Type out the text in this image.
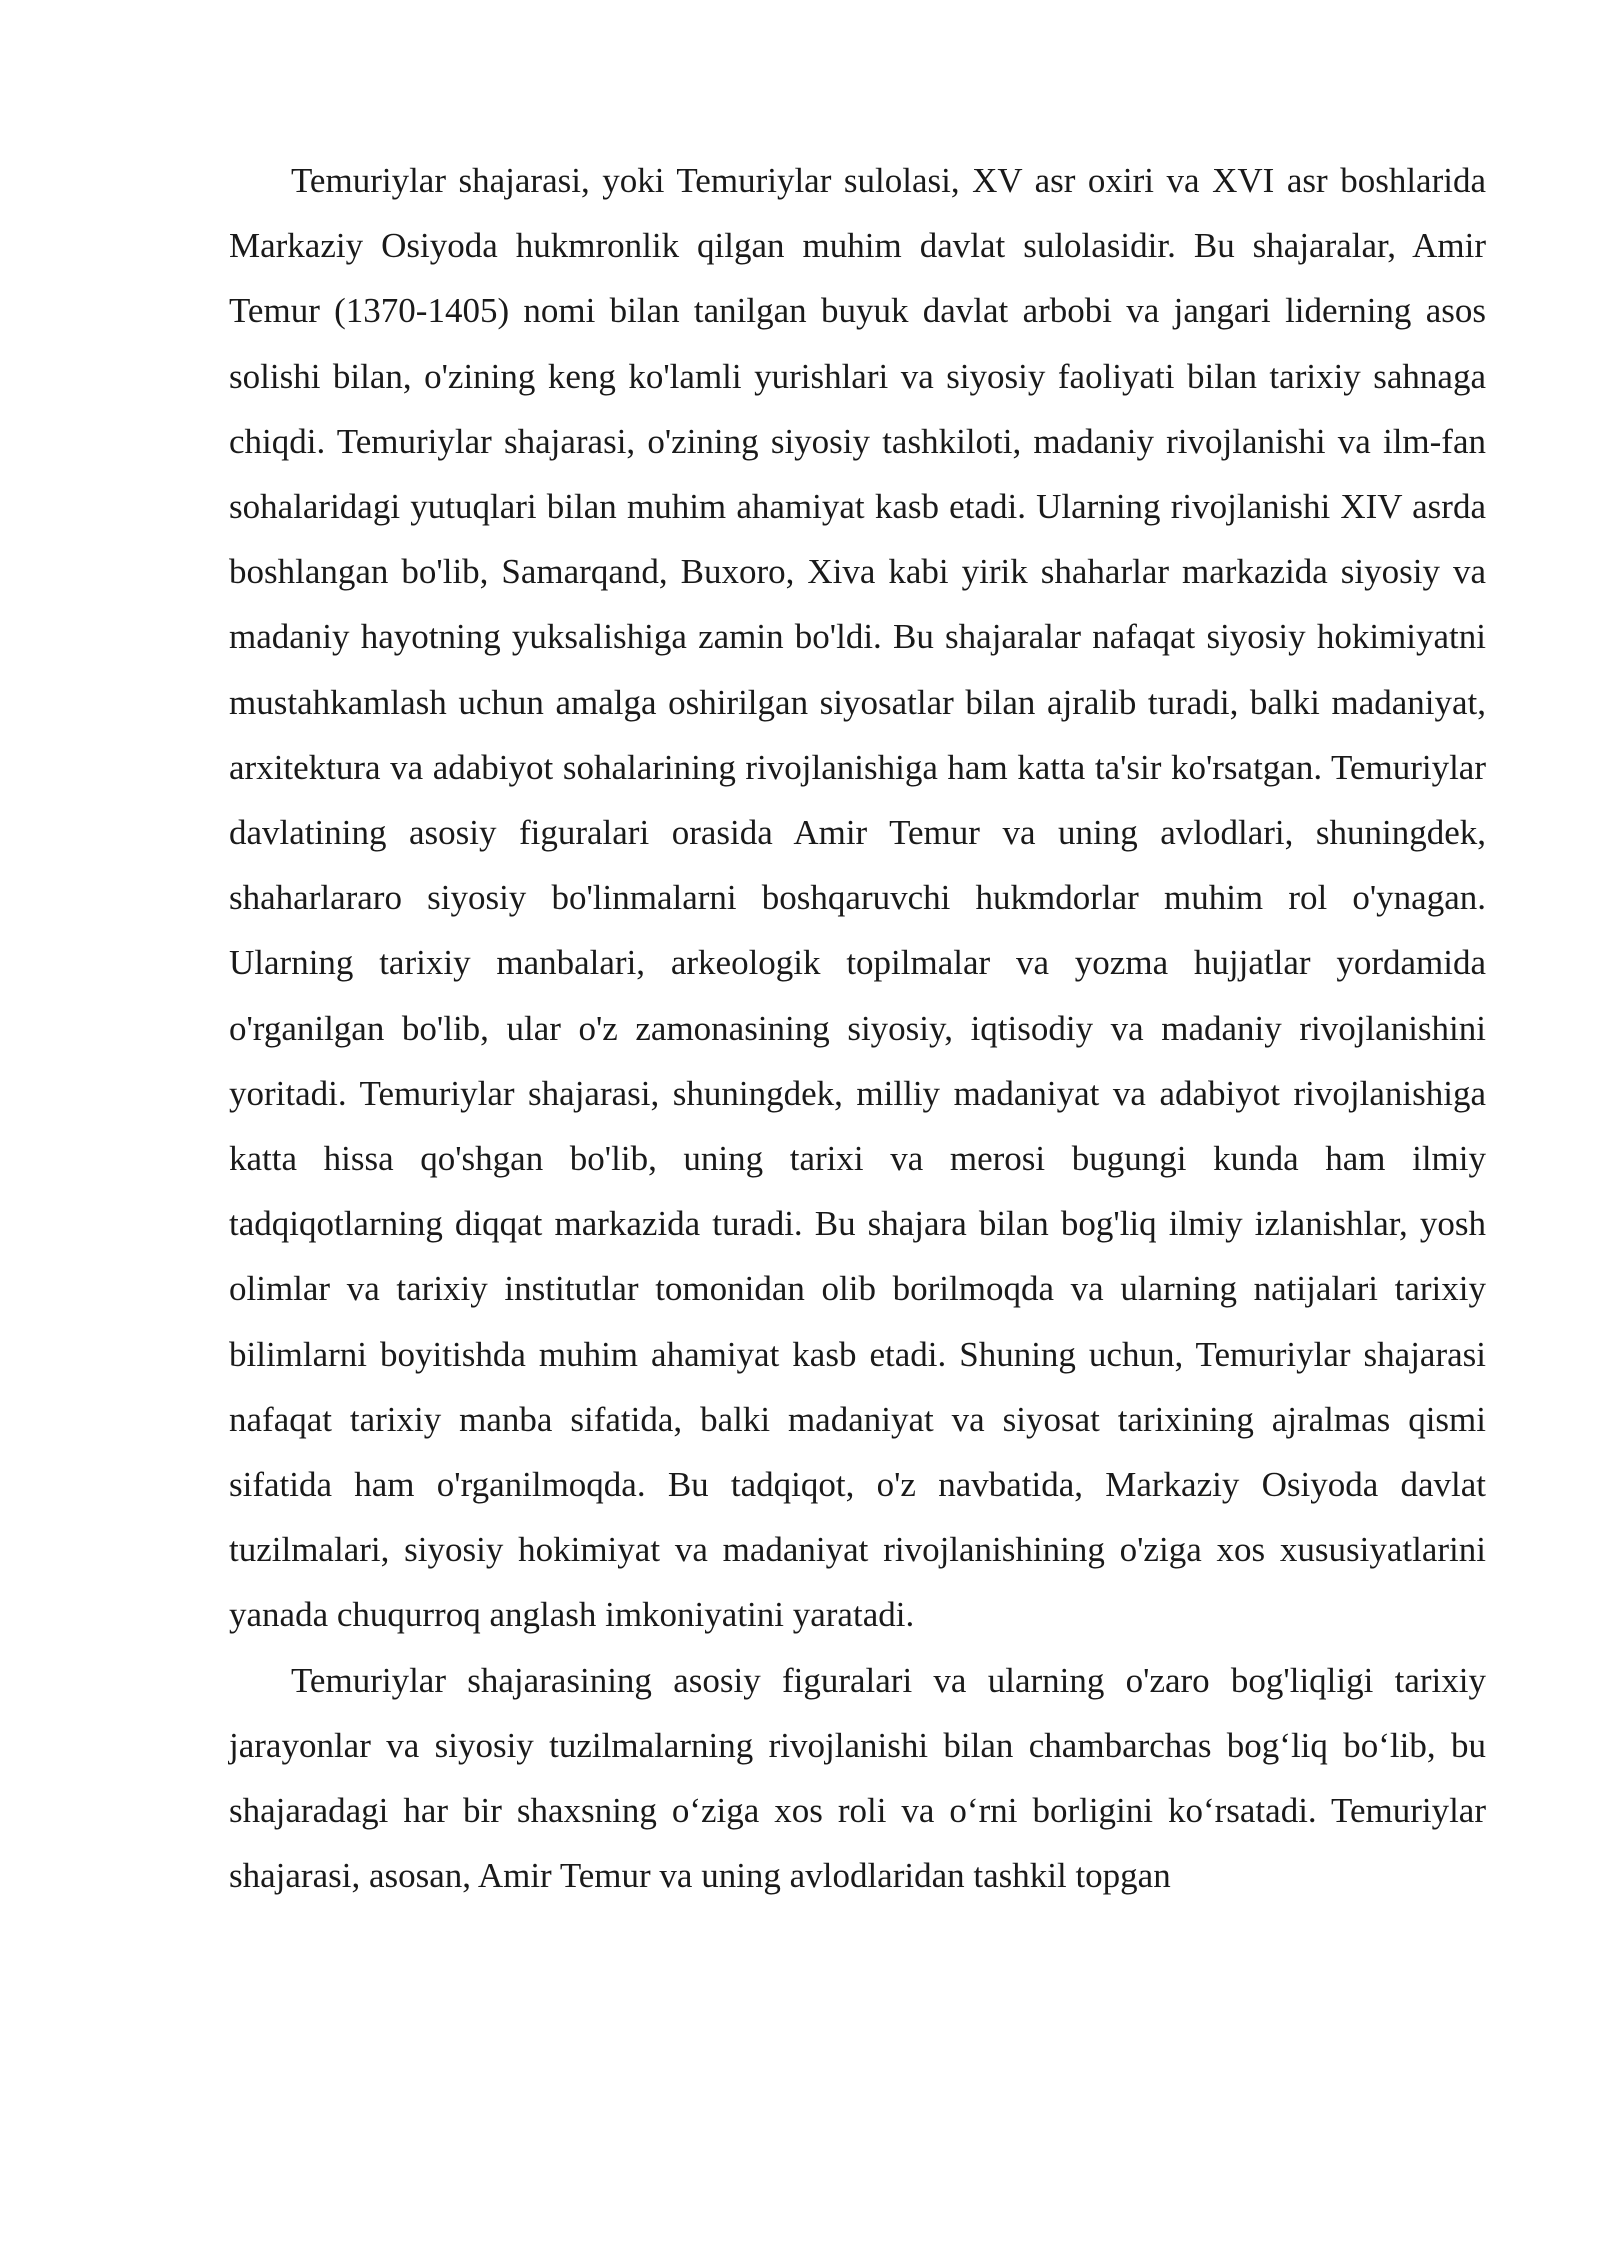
Temuriylar shajarasi, yoki Temuriylar sulolasi, XV asr oxiri va XVI asr boshlarida Markaziy Osiyoda hukmronlik qilgan muhim davlat sulolasidir. Bu shajaralar, Amir Temur (1370-1405) nomi bilan tanilgan buyuk davlat arbobi va jangari liderning asos solishi bilan, o'zining keng ko'lamli yurishlari va siyosiy faoliyati bilan tarixiy sahnaga chiqdi. Temuriylar shajarasi, o'zining siyosiy tashkiloti, madaniy rivojlanishi va ilm-fan sohalaridagi yutuqlari bilan muhim ahamiyat kasb etadi. Ularning rivojlanishi XIV asrda boshlangan bo'lib, Samarqand, Buxoro, Xiva kabi yirik shaharlar markazida siyosiy va madaniy hayotning yuksalishiga zamin bo'ldi. Bu shajaralar nafaqat siyosiy hokimiyatni mustahkamlash uchun amalga oshirilgan siyosatlar bilan ajralib turadi, balki madaniyat, arxitektura va adabiyot sohalarining rivojlanishiga ham katta ta'sir ko'rsatgan. Temuriylar davlatining asosiy figuralari orasida Amir Temur va uning avlodlari, shuningdek, shaharlararo siyosiy bo'linmalarni boshqaruvchi hukmdorlar muhim rol o'ynagan. Ularning tarixiy manbalari, arkeologik topilmalar va yozma hujjatlar yordamida o'rganilgan bo'lib, ular o'z zamonasining siyosiy, iqtisodiy va madaniy rivojlanishini yoritadi. Temuriylar shajarasi, shuningdek, milliy madaniyat va adabiyot rivojlanishiga katta hissa qo'shgan bo'lib, uning tarixi va merosi bugungi kunda ham ilmiy tadqiqotlarning diqqat markazida turadi. Bu shajara bilan bog'liq ilmiy izlanishlar, yosh olimlar va tarixiy institutlar tomonidan olib borilmoqda va ularning natijalari tarixiy bilimlarni boyitishda muhim ahamiyat kasb etadi. Shuning uchun, Temuriylar shajarasi nafaqat tarixiy manba sifatida, balki madaniyat va siyosat tarixining ajralmas qismi sifatida ham o'rganilmoqda. Bu tadqiqot, o'z navbatida, Markaziy Osiyoda davlat tuzilmalari, siyosiy hokimiyat va madaniyat rivojlanishining o'ziga xos xususiyatlarini yanada chuqurroq anglash imkoniyatini yaratadi.

Temuriylar shajarasining asosiy figuralari va ularning o'zaro bog'liqligi tarixiy jarayonlar va siyosiy tuzilmalarning rivojlanishi bilan chambarchas bog‘liq bo‘lib, bu shajaradagi har bir shaxsning o‘ziga xos roli va o‘rni borligini ko‘rsatadi. Temuriylar shajarasi, asosan, Amir Temur va uning avlodlaridan tashkil topgan
